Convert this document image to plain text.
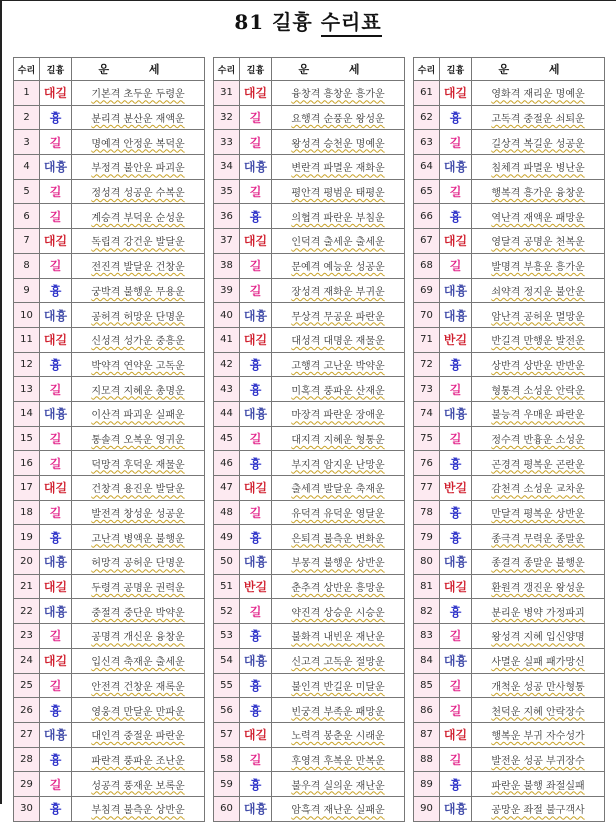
81 길흉 수리표
수리	길흉	운 세
1	대길	기본격 초두운 두령운
2	흉	분리격 분산운 재액운
3	길	명예격 안정운 복덕운
4	대흉	부정격 불안운 파괴운
5	길	정성격 성공운 수복운
6	길	계승격 부덕운 순성운
7	대길	독립격 강건운 발달운
8	길	전진격 발달운 건창운
9	흉	궁박격 불행운 무용운
10	대흉	공허격 허망운 단명운
11	대길	신성격 성가운 중흥운
12	흉	박약격 연약운 고독운
13	길	지모격 지혜운 총명운
14	대흉	이산격 파괴운 실패운
15	길	통솔격 오복운 영귀운
16	길	덕망격 후덕운 재물운
17	대길	건창격 용진운 발달운
18	길	발전격 창성운 성공운
19	흉	고난격 병액운 불행운
20	대흉	허망격 공허운 단명운
21	대길	두령격 공명운 권력운
22	대흉	중절격 중단운 박약운
23	길	공명격 개신운 융창운
24	대길	입신격 축재운 출세운
25	길	안전격 건창운 재록운
26	흉	영웅격 만달운 만파운
27	대흉	대인격 중절운 파란운
28	흉	파란격 풍파운 조난운
29	길	성공격 풍재운 보록운
30	흉	부침격 불측운 상반운
수리	길흉	운 세
31	대길	융창격 흥창운 흥가운
32	길	요행격 순풍운 왕성운
33	길	왕성격 승천운 명예운
34	대흉	변란격 파멸운 재화운
35	길	평안격 평범운 태평운
36	흉	의협격 파란운 부침운
37	대길	인덕격 출세운 출세운
38	길	문예격 예능운 성공운
39	길	장성격 재화운 부귀운
40	대흉	무상격 무공운 파란운
41	대길	대성격 대명운 재물운
42	흉	고행격 고난운 박약운
43	흉	미혹격 풍파운 산재운
44	대흉	마장격 파란운 장애운
45	길	대지격 지혜운 형통운
46	흉	부지격 암지운 난망운
47	대길	출세격 발달운 축재운
48	길	유덕격 유덕운 영달운
49	흉	은퇴격 불측운 변화운
50	대흉	부몽격 불행운 상반운
51	반길	춘추격 상반운 흥망운
52	길	약진격 상승운 시승운
53	흉	불화격 내빈운 재난운
54	대흉	신고격 고독운 절망운
55	흉	불인격 반길운 미달운
56	흉	빈궁격 부족운 패망운
57	대길	노력격 봉춘운 시래운
58	길	후영격 후복운 만복운
59	흉	불우격 실의운 재난운
60	대흉	암흑격 재난운 실패운
수리	길흉	운 세
61	대길	영화격 재리운 명예운
62	흉	고독격 중절운 쇠퇴운
63	길	길상격 복길운 성공운
64	대흉	침체격 파멸운 병난운
65	길	행복격 흥가운 융창운
66	흉	역난격 재액운 패망운
67	대길	영달격 공명운 천복운
68	길	발명격 부흥운 흥가운
69	대흉	쇠약격 정지운 불안운
70	대흉	암난격 공허운 멸망운
71	반길	반길격 만행운 발전운
72	흉	상반격 상반운 반반운
73	길	형통격 소성운 안락운
74	대흉	불능격 우매운 파란운
75	길	정수격 반흉운 소성운
76	흉	곤경격 평복운 곤란운
77	반길	감천격 소성운 교차운
78	흉	만달격 평복운 상반운
79	흉	종극격 무력운 종말운
80	대흉	종결격 종말운 불행운
81	대길	환원격 갱진운 왕성운
82	흉	분리운 병약 가정파괴
83	길	왕성격 지혜 입신양명
84	대흉	사멸운 실패 패가망신
85	길	개척운 성공 만사형통
86	길	천덕운 지혜 안락장수
87	대길	행복운 부귀 자수성가
88	길	발전운 성공 부귀장수
89	흉	파란운 불행 좌절실패
90	대흉	공망운 좌절 불구객사
